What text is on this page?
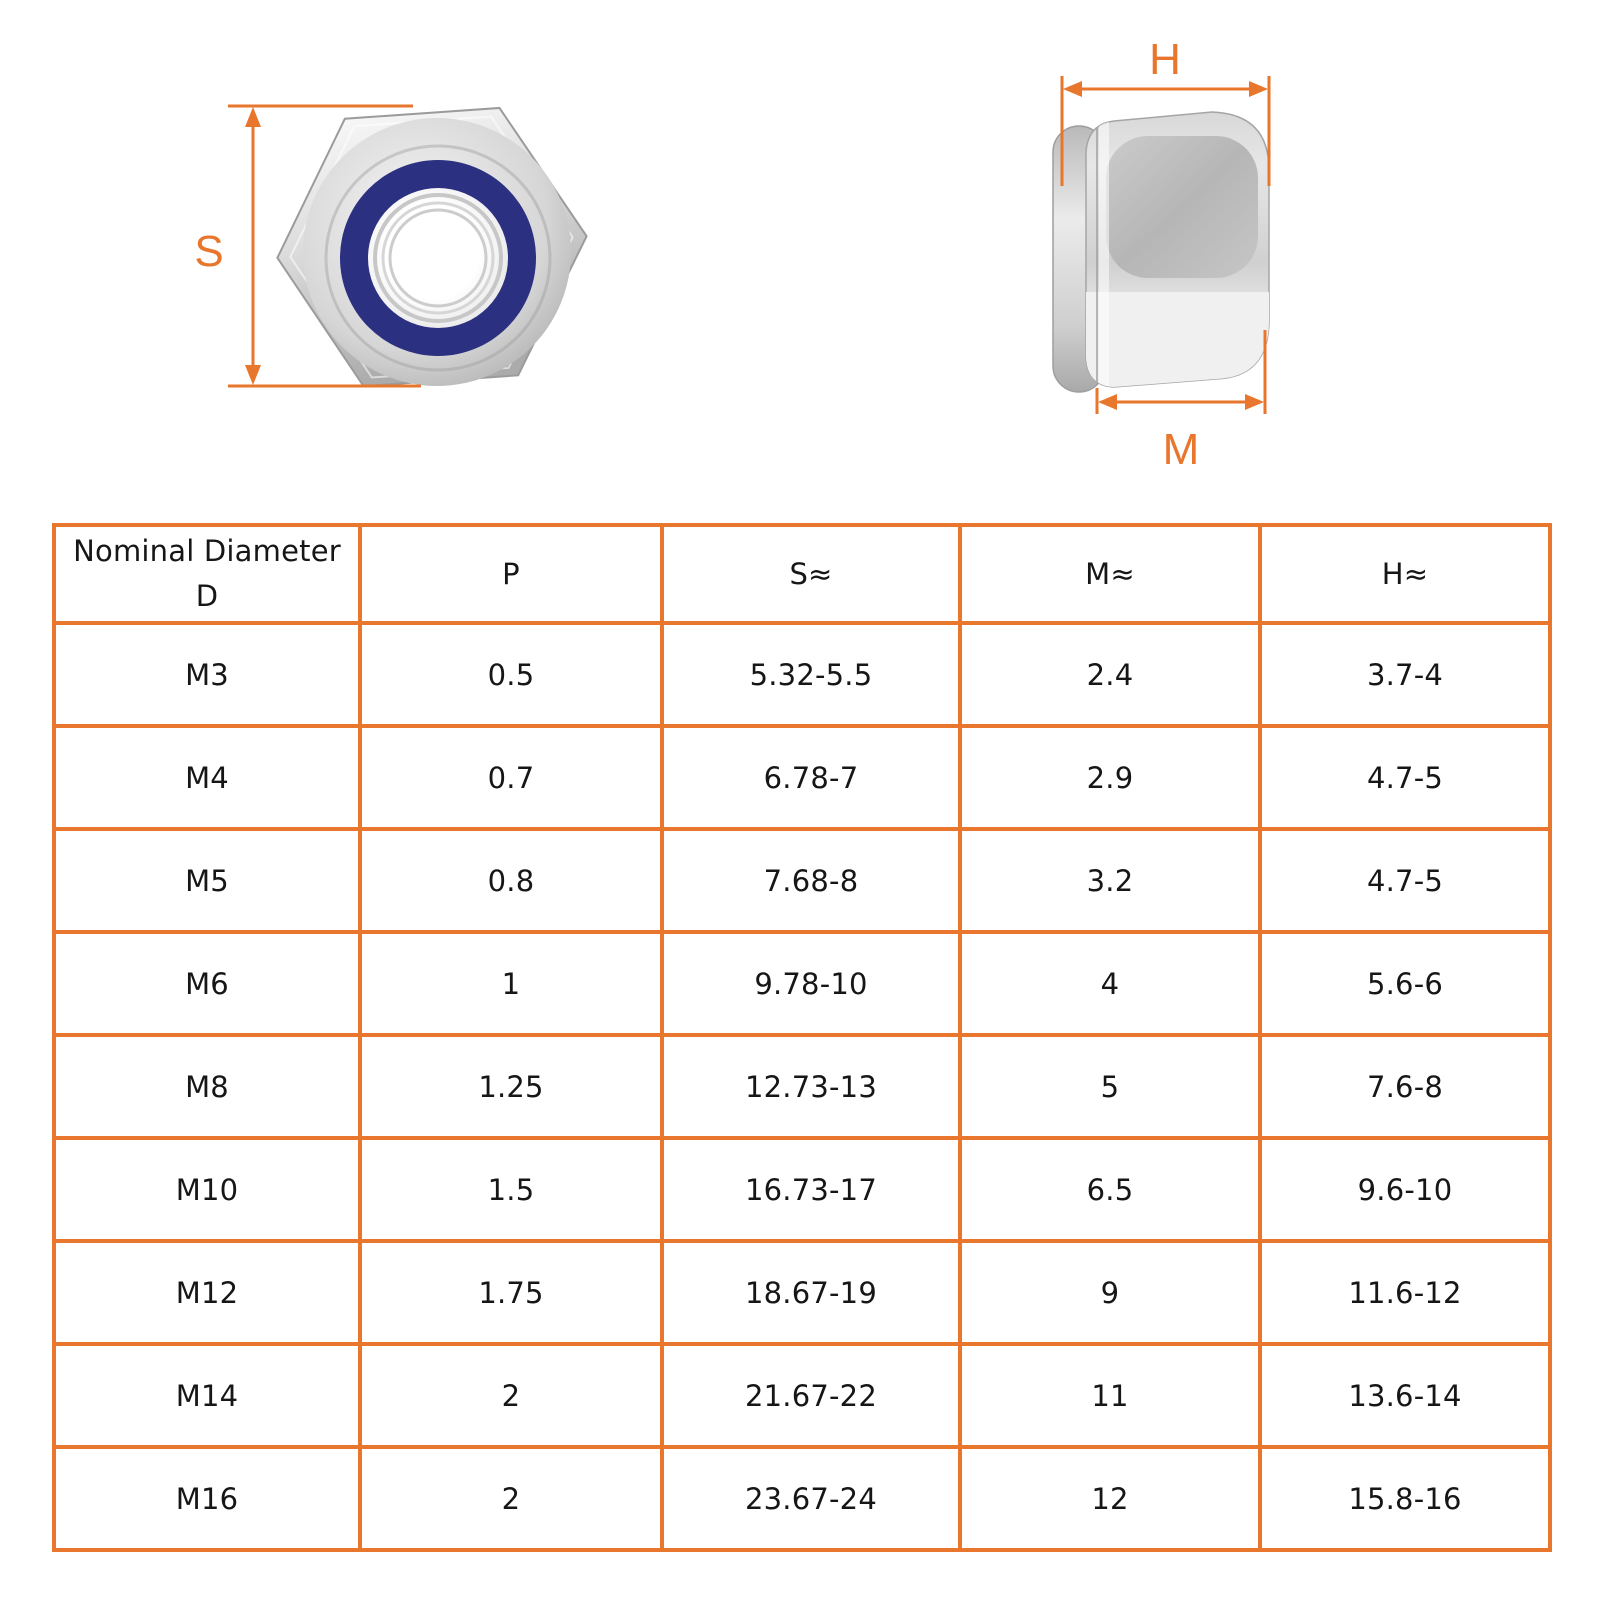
S
H
M
Nominal Diameter
D	P	S≈	M≈	H≈
M3	0.5	5.32-5.5	2.4	3.7-4
M4	0.7	6.78-7	2.9	4.7-5
M5	0.8	7.68-8	3.2	4.7-5
M6	1	9.78-10	4	5.6-6
M8	1.25	12.73-13	5	7.6-8
M10	1.5	16.73-17	6.5	9.6-10
M12	1.75	18.67-19	9	11.6-12
M14	2	21.67-22	11	13.6-14
M16	2	23.67-24	12	15.8-16
